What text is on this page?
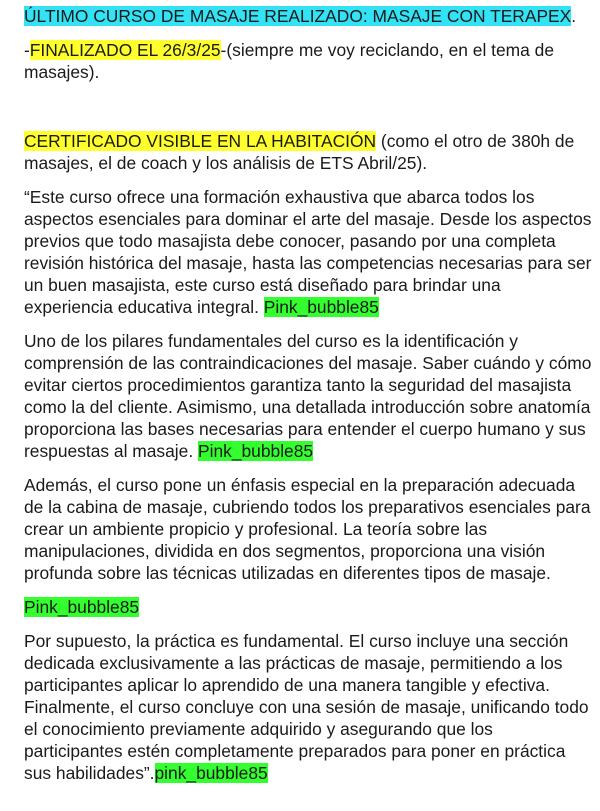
ÚLTIMO CURSO DE MASAJE REALIZADO: MASAJE CON TERAPEX.

-FINALIZADO EL 26/3/25-(siempre me voy reciclando, en el tema de masajes).

CERTIFICADO VISIBLE EN LA HABITACIÓN (como el otro de 380h de masajes, el de coach y los análisis de ETS Abril/25).

“Este curso ofrece una formación exhaustiva que abarca todos los aspectos esenciales para dominar el arte del masaje. Desde los aspectos previos que todo masajista debe conocer, pasando por una completa revisión histórica del masaje, hasta las competencias necesarias para ser un buen masajista, este curso está diseñado para brindar una experiencia educativa integral. Pink_bubble85

Uno de los pilares fundamentales del curso es la identificación y comprensión de las contraindicaciones del masaje. Saber cuándo y cómo evitar ciertos procedimientos garantiza tanto la seguridad del masajista como la del cliente. Asimismo, una detallada introducción sobre anatomía proporciona las bases necesarias para entender el cuerpo humano y sus respuestas al masaje. Pink_bubble85

Además, el curso pone un énfasis especial en la preparación adecuada de la cabina de masaje, cubriendo todos los preparativos esenciales para crear un ambiente propicio y profesional. La teoría sobre las manipulaciones, dividida en dos segmentos, proporciona una visión profunda sobre las técnicas utilizadas en diferentes tipos de masaje.

Pink_bubble85

Por supuesto, la práctica es fundamental. El curso incluye una sección dedicada exclusivamente a las prácticas de masaje, permitiendo a los participantes aplicar lo aprendido de una manera tangible y efectiva. Finalmente, el curso concluye con una sesión de masaje, unificando todo el conocimiento previamente adquirido y asegurando que los participantes estén completamente preparados para poner en práctica sus habilidades”.pink_bubble85
